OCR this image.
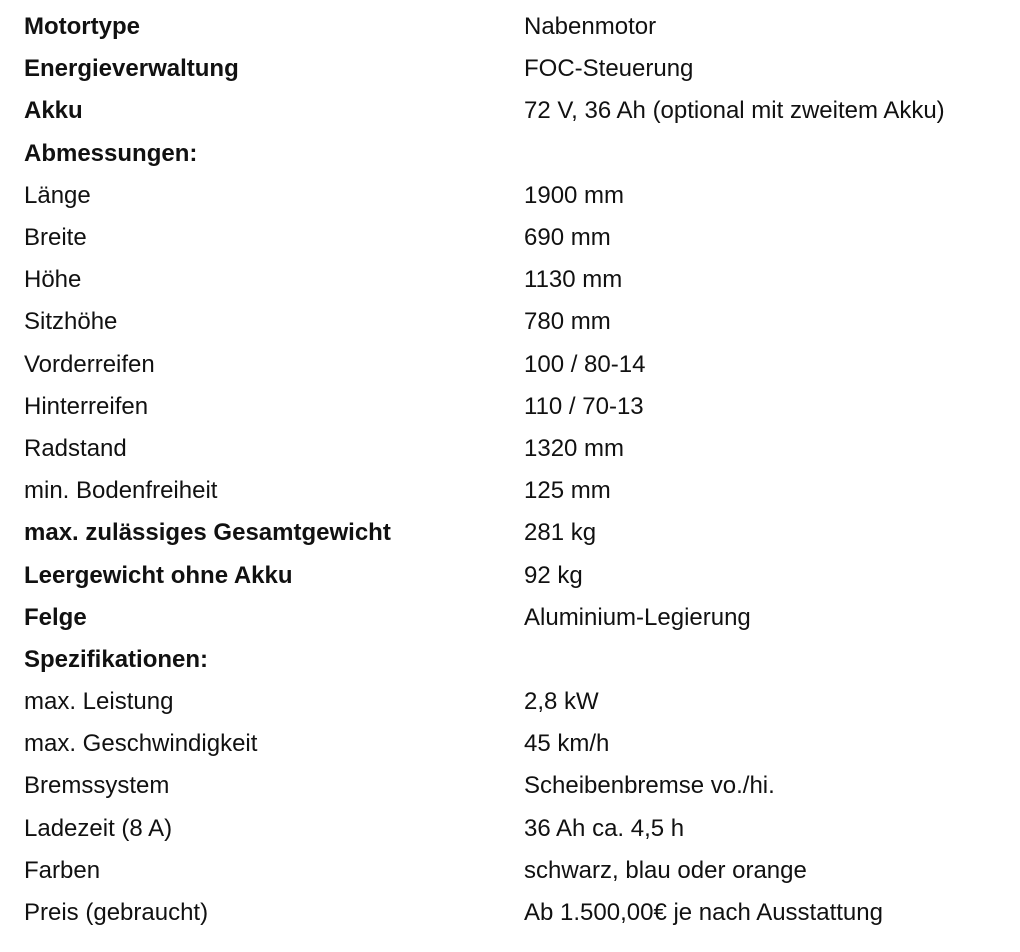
Motortype	Nabenmotor
Energieverwaltung	FOC-Steuerung
Akku	72 V, 36 Ah (optional mit zweitem Akku)
Abmessungen:
Länge	1900 mm
Breite	690 mm
Höhe	1130 mm
Sitzhöhe	780 mm
Vorderreifen	100 / 80-14
Hinterreifen	110 / 70-13
Radstand	1320 mm
min. Bodenfreiheit	125 mm
max. zulässiges Gesamtgewicht	281 kg
Leergewicht ohne Akku	92 kg
Felge	Aluminium-Legierung
Spezifikationen:
max. Leistung	2,8 kW
max. Geschwindigkeit	45 km/h
Bremssystem	Scheibenbremse vo./hi.
Ladezeit (8 A)	36 Ah ca. 4,5 h
Farben	schwarz, blau oder orange
Preis (gebraucht)	Ab 1.500,00€ je nach Ausstattung
